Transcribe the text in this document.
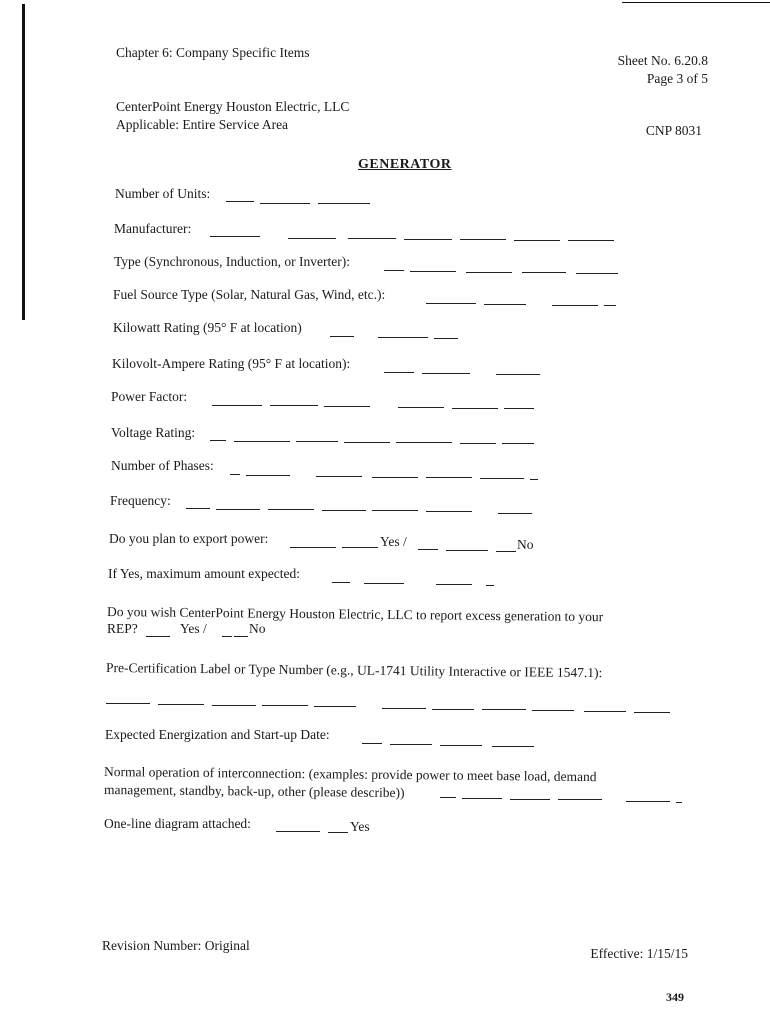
Chapter 6: Company Specific Items
Sheet No. 6.20.8
Page 3 of 5
CenterPoint Energy Houston Electric, LLC
Applicable: Entire Service Area	CNP 8031
GENERATOR
Number of Units:
Manufacturer:
Type (Synchronous, Induction, or Inverter):
Fuel Source Type (Solar, Natural Gas, Wind, etc.):
Kilowatt Rating (95° F at location)
Kilovolt-Ampere Rating (95° F at location):
Power Factor:
Voltage Rating:
Number of Phases:
Frequency:
Do you plan to export power:	Yes /	No
If Yes, maximum amount expected:
Do you wish CenterPoint Energy Houston Electric, LLC to report excess generation to your
REP?	Yes /	No
Pre-Certification Label or Type Number (e.g., UL-1741 Utility Interactive or IEEE 1547.1):
Expected Energization and Start-up Date:
Normal operation of interconnection: (examples: provide power to meet base load, demand
management, standby, back-up, other (please describe))
One-line diagram attached:	Yes
Revision Number: Original
Effective: 1/15/15
349
